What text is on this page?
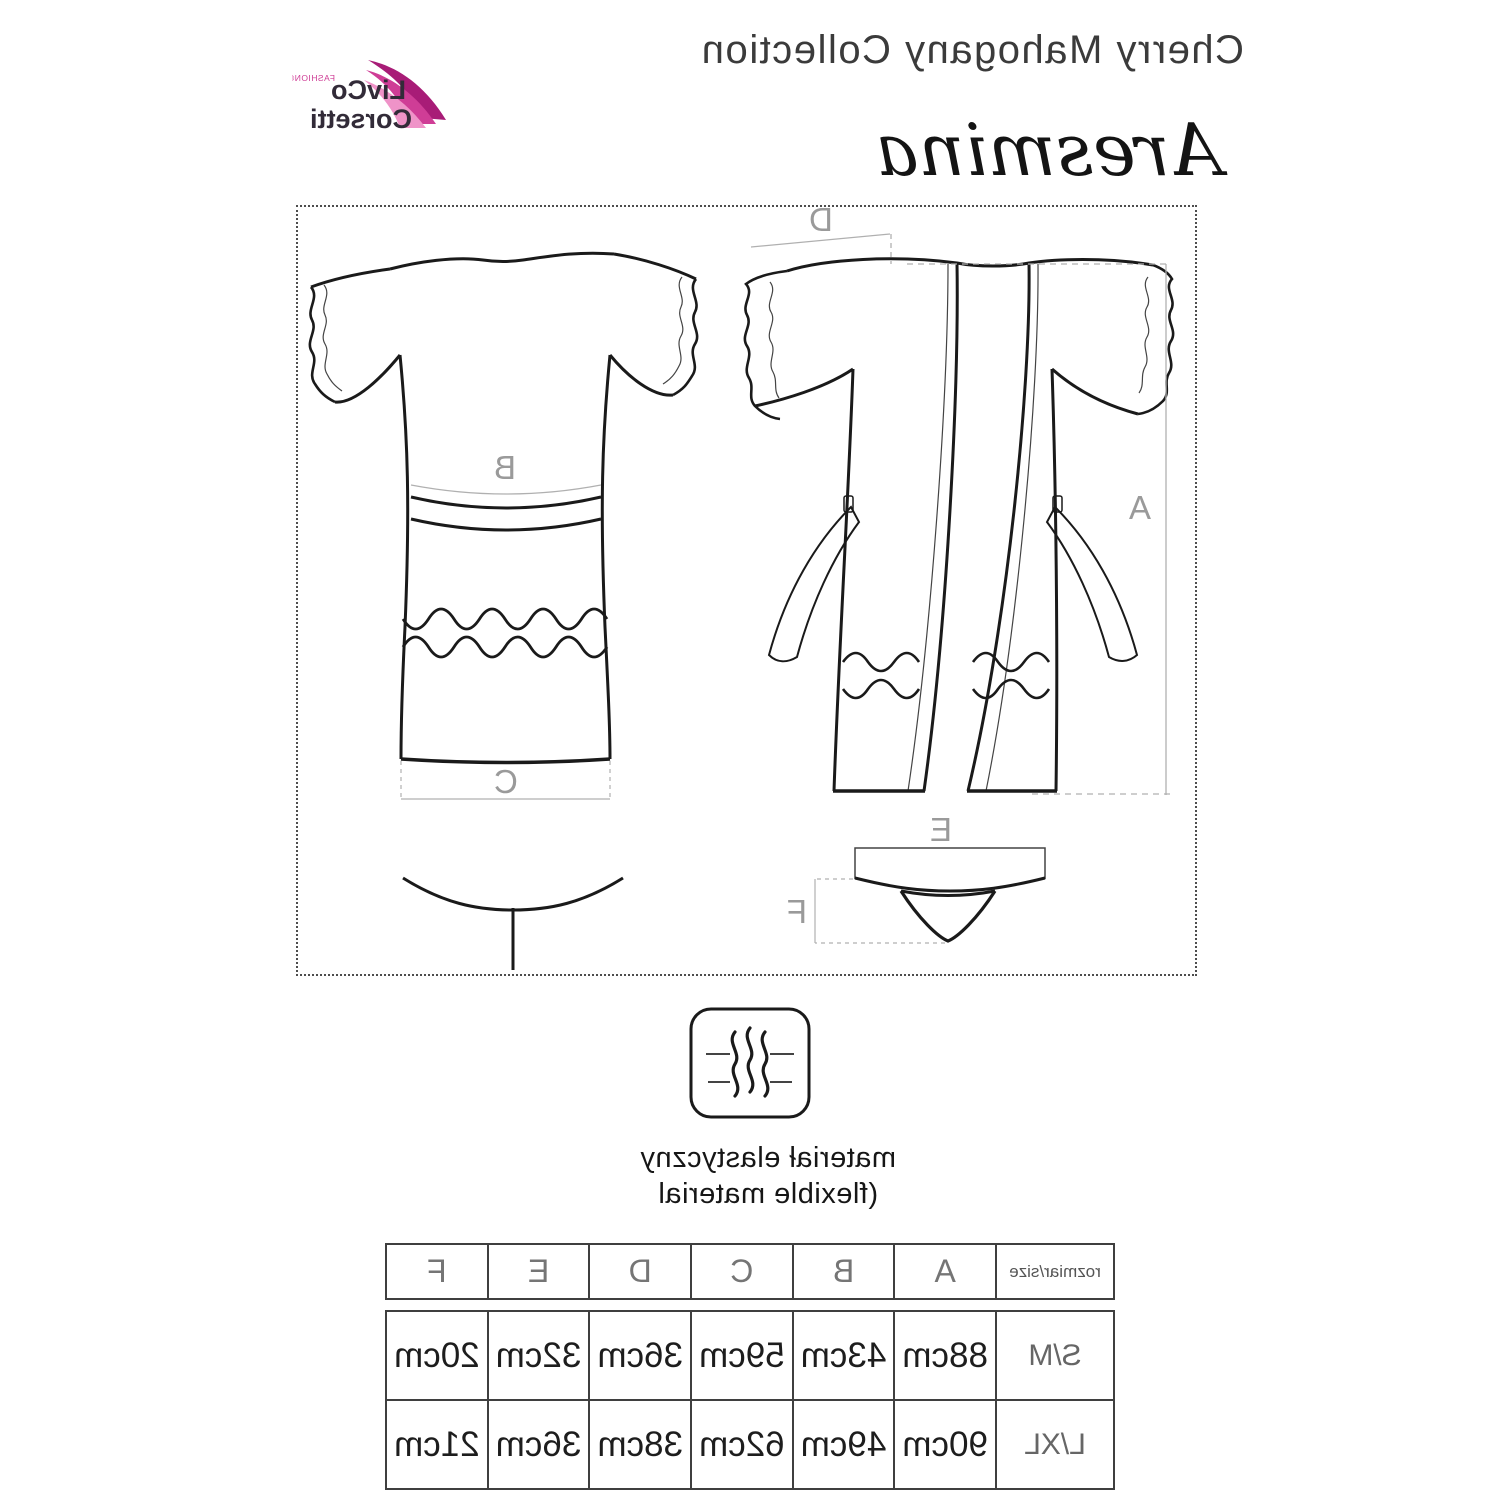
Cherry Mahogany Collection
LivCo
FASHION®
Corsetti	Aresmina
D
A
B
C
E
F
materiał elastyczny
(flexible material
rozmiar/size	A	B	C	D	E	F
S/M	88cm	43cm	59cm	36cm	32cm	20cm
L/XL	90cm	49cm	62cm	38cm	36cm	21cm
